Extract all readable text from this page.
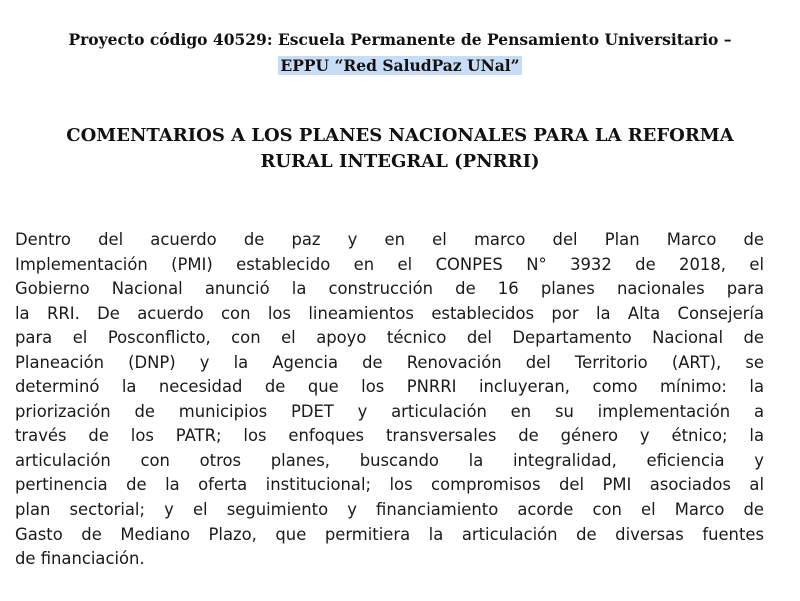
Proyecto código 40529: Escuela Permanente de Pensamiento Universitario –
EPPU “Red SaludPaz UNal”
COMENTARIOS A LOS PLANES NACIONALES PARA LA REFORMA
RURAL INTEGRAL (PNRRI)
Dentro del acuerdo de paz y en el marco del Plan Marco de
Implementación (PMI) establecido en el CONPES N° 3932 de 2018, el
Gobierno Nacional anunció la construcción de 16 planes nacionales para
la RRI. De acuerdo con los lineamientos establecidos por la Alta Consejería
para el Posconflicto, con el apoyo técnico del Departamento Nacional de
Planeación (DNP) y la Agencia de Renovación del Territorio (ART), se
determinó la necesidad de que los PNRRI incluyeran, como mínimo: la
priorización de municipios PDET y articulación en su implementación a
través de los PATR; los enfoques transversales de género y étnico; la
articulación con otros planes, buscando la integralidad, eficiencia y
pertinencia de la oferta institucional; los compromisos del PMI asociados al
plan sectorial; y el seguimiento y financiamiento acorde con el Marco de
Gasto de Mediano Plazo, que permitiera la articulación de diversas fuentes
de financiación.
